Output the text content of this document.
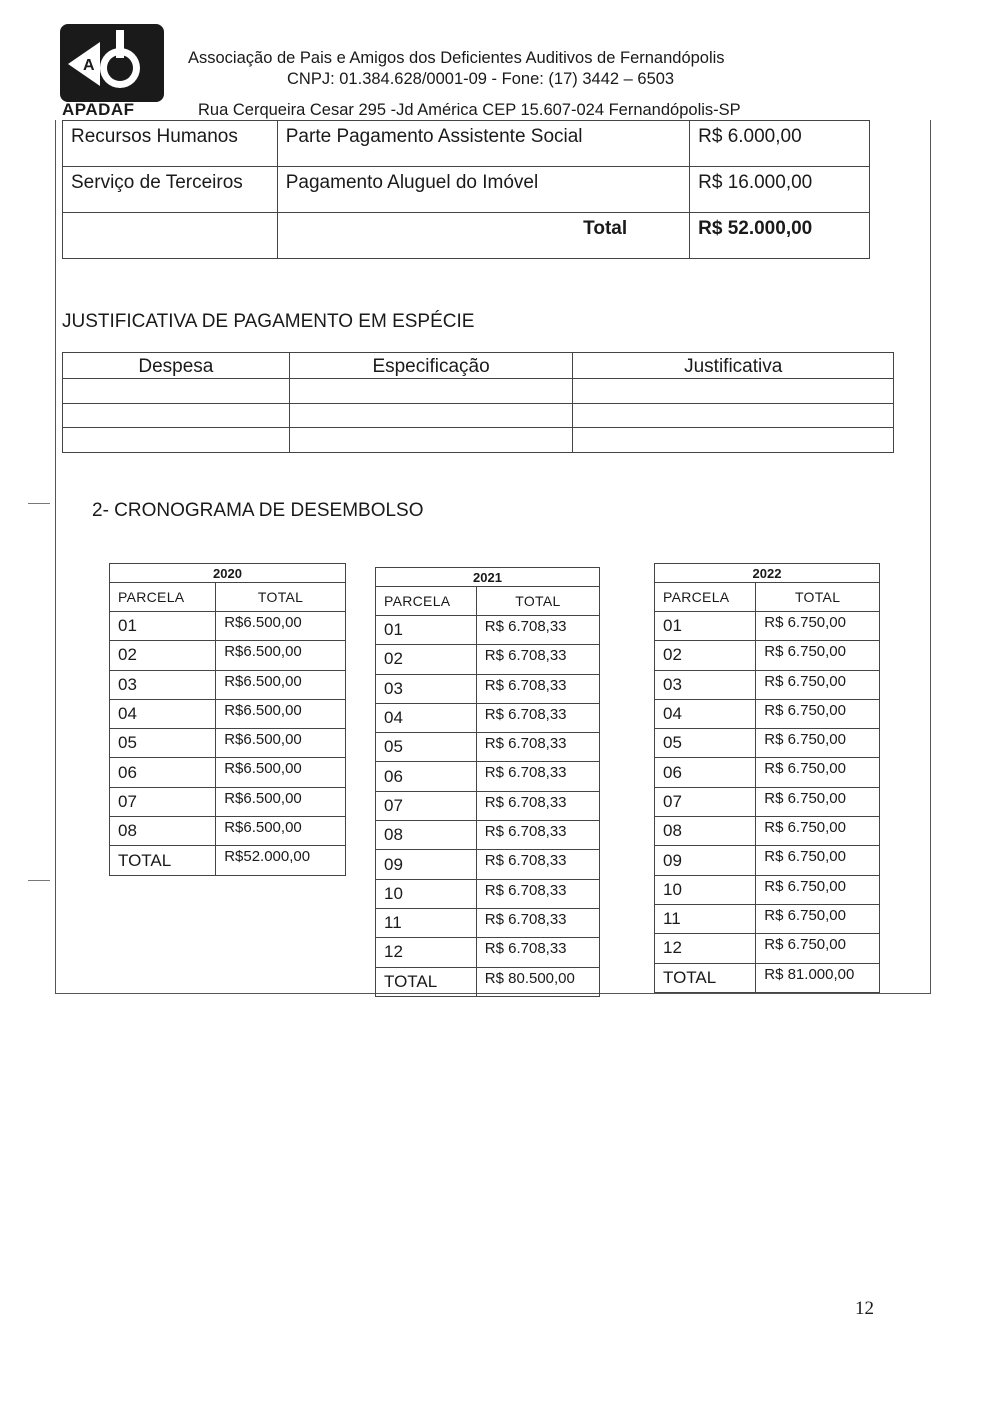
A
APADAF
Associação de Pais e Amigos dos Deficientes Auditivos de Fernandópolis
CNPJ: 01.384.628/0001-09 - Fone: (17) 3442 – 6503
Rua Cerqueira Cesar 295 -Jd América CEP 15.607-024 Fernandópolis-SP
Recursos Humanos	Parte Pagamento Assistente Social	R$ 6.000,00
Serviço de Terceiros	Pagamento Aluguel do Imóvel	R$ 16.000,00
	Total	R$ 52.000,00
JUSTIFICATIVA DE PAGAMENTO EM ESPÉCIE
Despesa	Especificação	Justificativa

2- CRONOGRAMA DE DESEMBOLSO
2020	
PARCELA	TOTAL
01	R$6.500,00
02	R$6.500,00
03	R$6.500,00
04	R$6.500,00
05	R$6.500,00
06	R$6.500,00
07	R$6.500,00
08	R$6.500,00
TOTAL	R$52.000,00
2021	
PARCELA	TOTAL
01	R$ 6.708,33
02	R$ 6.708,33
03	R$ 6.708,33
04	R$ 6.708,33
05	R$ 6.708,33
06	R$ 6.708,33
07	R$ 6.708,33
08	R$ 6.708,33
09	R$ 6.708,33
10	R$ 6.708,33
11	R$ 6.708,33
12	R$ 6.708,33
TOTAL	R$ 80.500,00
2022	
PARCELA	TOTAL
01	R$ 6.750,00
02	R$ 6.750,00
03	R$ 6.750,00
04	R$ 6.750,00
05	R$ 6.750,00
06	R$ 6.750,00
07	R$ 6.750,00
08	R$ 6.750,00
09	R$ 6.750,00
10	R$ 6.750,00
11	R$ 6.750,00
12	R$ 6.750,00
TOTAL	R$ 81.000,00
12
